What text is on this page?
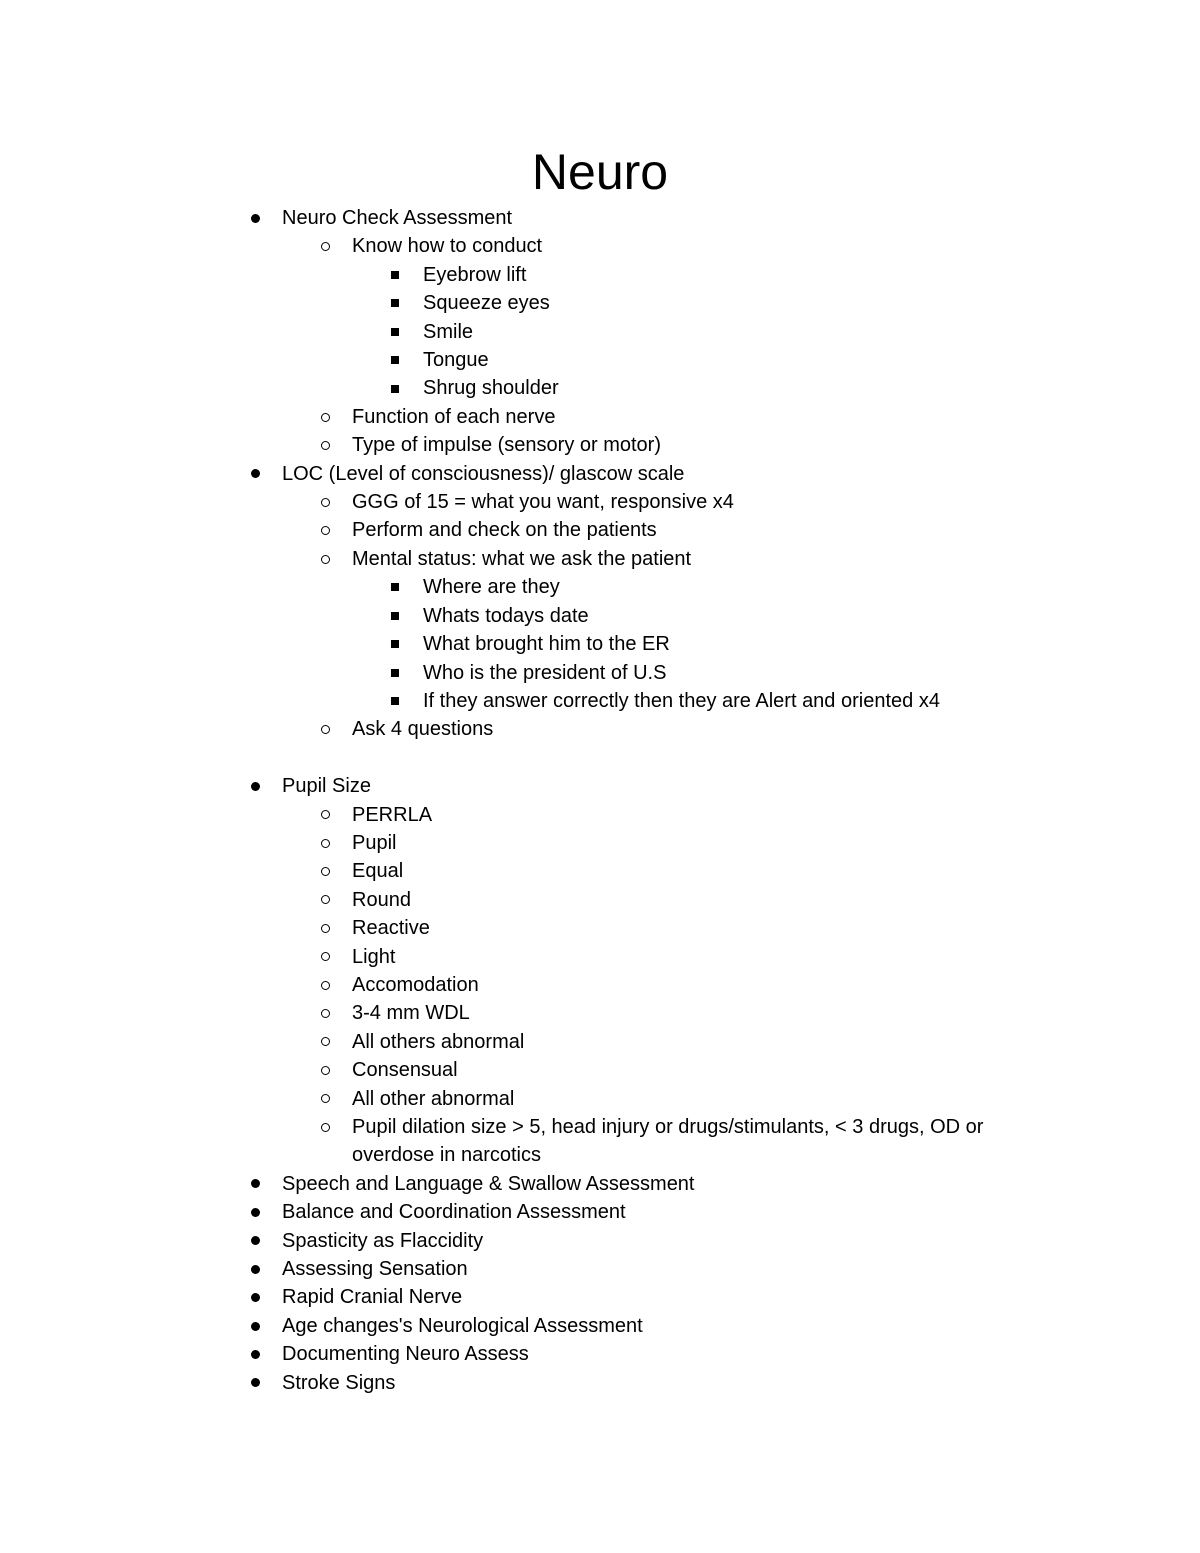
Neuro
Neuro Check Assessment
Know how to conduct
Eyebrow lift
Squeeze eyes
Smile
Tongue
Shrug shoulder
Function of each nerve
Type of impulse (sensory or motor)
LOC (Level of consciousness)/ glascow scale
GGG of 15 = what you want, responsive x4
Perform and check on the patients
Mental status: what we ask the patient
Where are they
Whats todays date
What brought him to the ER
Who is the president of U.S
If they answer correctly then they are Alert and oriented x4
Ask 4 questions
Pupil Size
PERRLA
Pupil
Equal
Round
Reactive
Light
Accomodation
3-4 mm WDL
All others abnormal
Consensual
All other abnormal
Pupil dilation size > 5, head injury or drugs/stimulants, < 3 drugs, OD or overdose in narcotics
Speech and Language & Swallow Assessment
Balance and Coordination Assessment
Spasticity as Flaccidity
Assessing Sensation
Rapid Cranial Nerve
Age changes's Neurological Assessment
Documenting Neuro Assess
Stroke Signs
